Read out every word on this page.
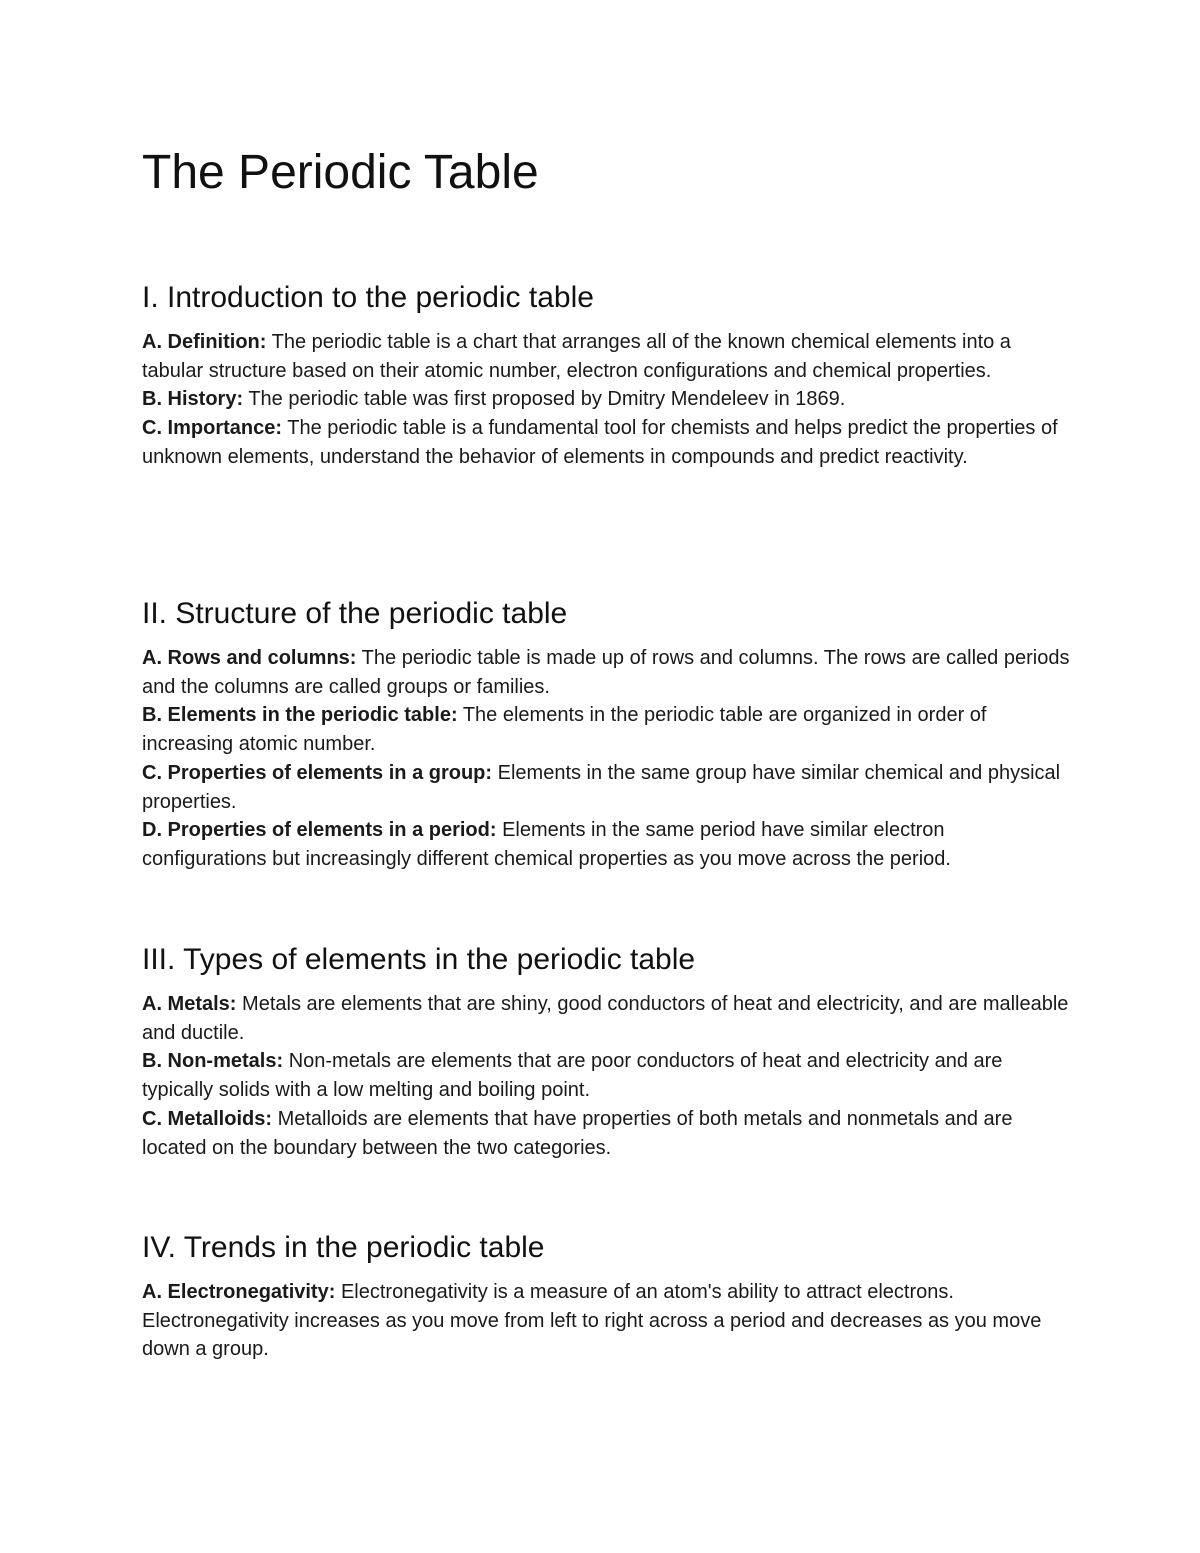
The Periodic Table
I. Introduction to the periodic table

A. Definition: The periodic table is a chart that arranges all of the known chemical elements into a tabular structure based on their atomic number, electron configurations and chemical properties.

B. History: The periodic table was first proposed by Dmitry Mendeleev in 1869.

C. Importance: The periodic table is a fundamental tool for chemists and helps predict the properties of unknown elements, understand the behavior of elements in compounds and predict reactivity.

II. Structure of the periodic table

A. Rows and columns: The periodic table is made up of rows and columns. The rows are called periods and the columns are called groups or families.

B. Elements in the periodic table: The elements in the periodic table are organized in order of increasing atomic number.

C. Properties of elements in a group: Elements in the same group have similar chemical and physical properties.

D. Properties of elements in a period: Elements in the same period have similar electron configurations but increasingly different chemical properties as you move across the period.

III. Types of elements in the periodic table

A. Metals: Metals are elements that are shiny, good conductors of heat and electricity, and are malleable and ductile.

B. Non-metals: Non-metals are elements that are poor conductors of heat and electricity and are typically solids with a low melting and boiling point.

C. Metalloids: Metalloids are elements that have properties of both metals and nonmetals and are located on the boundary between the two categories.

IV. Trends in the periodic table

A. Electronegativity: Electronegativity is a measure of an atom's ability to attract electrons. Electronegativity increases as you move from left to right across a period and decreases as you move down a group.
